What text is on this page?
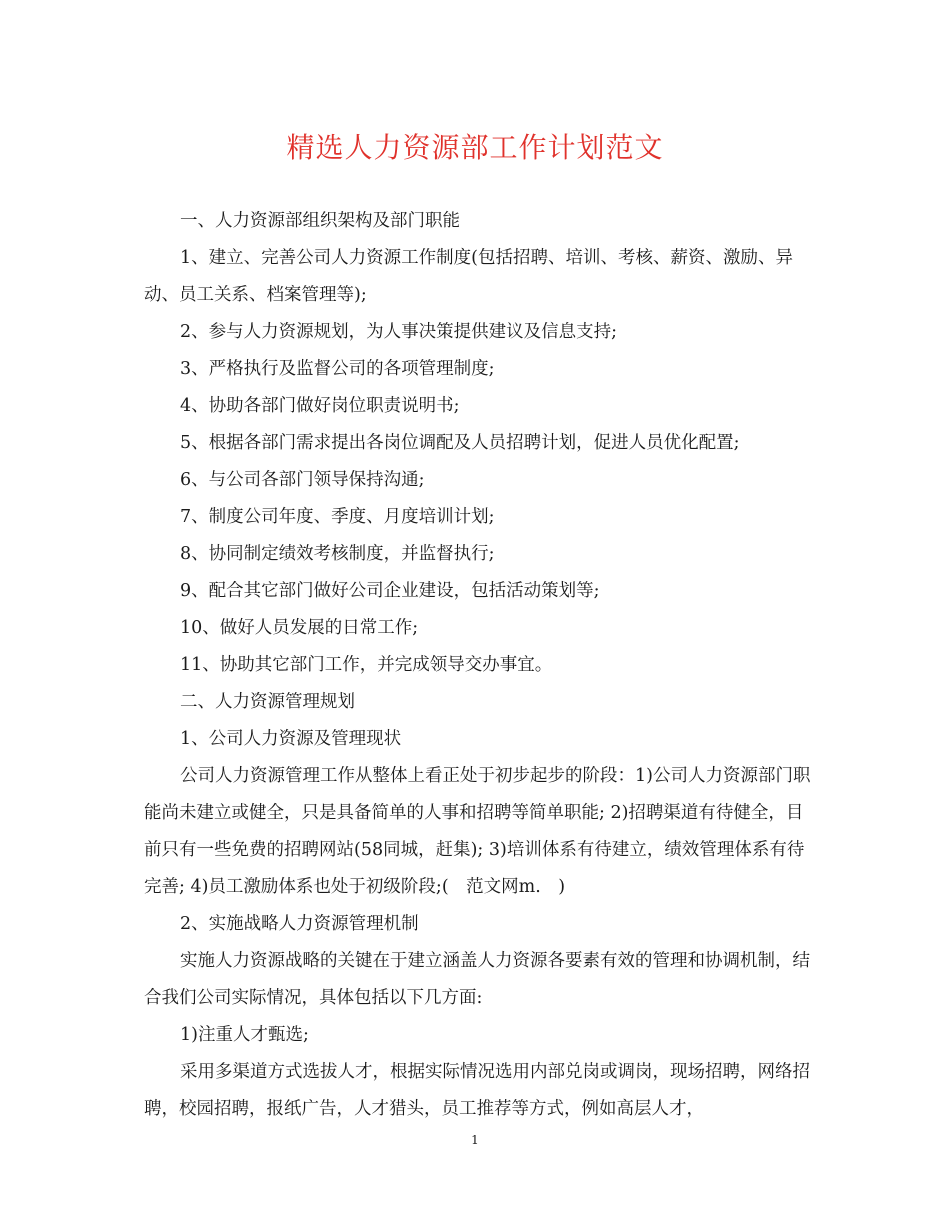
精选人力资源部工作计划范文

一、人力资源部组织架构及部门职能

1、建立、完善公司人力资源工作制度(包括招聘、培训、考核、薪资、激励、异动、员工关系、档案管理等);

2、参与人力资源规划，为人事决策提供建议及信息支持;

3、严格执行及监督公司的各项管理制度;

4、协助各部门做好岗位职责说明书;

5、根据各部门需求提出各岗位调配及人员招聘计划，促进人员优化配置;

6、与公司各部门领导保持沟通;

7、制度公司年度、季度、月度培训计划;

8、协同制定绩效考核制度，并监督执行;

9、配合其它部门做好公司企业建设，包括活动策划等;

10、做好人员发展的日常工作;

11、协助其它部门工作，并完成领导交办事宜。

二、人力资源管理规划

1、公司人力资源及管理现状

公司人力资源管理工作从整体上看正处于初步起步的阶段：1)公司人力资源部门职能尚未建立或健全，只是具备简单的人事和招聘等简单职能; 2)招聘渠道有待健全，目前只有一些免费的招聘网站(58同城，赶集); 3)培训体系有待建立，绩效管理体系有待完善; 4)员工激励体系也处于初级阶段;(　范文网m.　)

2、实施战略人力资源管理机制

实施人力资源战略的关键在于建立涵盖人力资源各要素有效的管理和协调机制，结合我们公司实际情况，具体包括以下几方面:

1)注重人才甄选;

采用多渠道方式选拔人才，根据实际情况选用内部兑岗或调岗，现场招聘，网络招聘，校园招聘，报纸广告，人才猎头，员工推荐等方式，例如高层人才，

1
